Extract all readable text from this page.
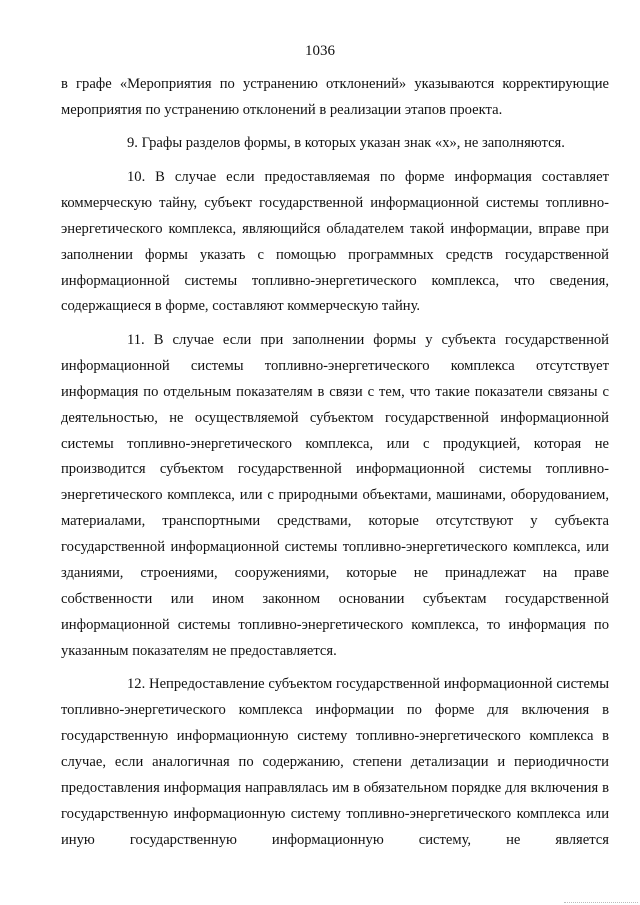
1036

в графе «Мероприятия по устранению отклонений» указываются корректирующие мероприятия по устранению отклонений в реализации этапов проекта.

9. Графы разделов формы, в которых указан знак «х», не заполняются.

10. В случае если предоставляемая по форме информация составляет коммерческую тайну, субъект государственной информационной системы топливно-энергетического комплекса, являющийся обладателем такой информации, вправе при заполнении формы указать с помощью программных средств государственной информационной системы топливно-энергетического комплекса, что сведения, содержащиеся в форме, составляют коммерческую тайну.

11. В случае если при заполнении формы у субъекта государственной информационной системы топливно-энергетического комплекса отсутствует информация по отдельным показателям в связи с тем, что такие показатели связаны с деятельностью, не осуществляемой субъектом государственной информационной системы топливно-энергетического комплекса, или с продукцией, которая не производится субъектом государственной информационной системы топливно-энергетического комплекса, или с природными объектами, машинами, оборудованием, материалами, транспортными средствами, которые отсутствуют у субъекта государственной информационной системы топливно-энергетического комплекса, или зданиями, строениями, сооружениями, которые не принадлежат на праве собственности или ином законном основании субъектам государственной информационной системы топливно-энергетического комплекса, то информация по указанным показателям не предоставляется.

12. Непредоставление субъектом государственной информационной системы топливно-энергетического комплекса информации по форме для включения в государственную информационную систему топливно-энергетического комплекса в случае, если аналогичная по содержанию, степени детализации и периодичности предоставления информация направлялась им в обязательном порядке для включения в государственную информационную систему топливно-энергетического комплекса или иную государственную информационную систему, не является
